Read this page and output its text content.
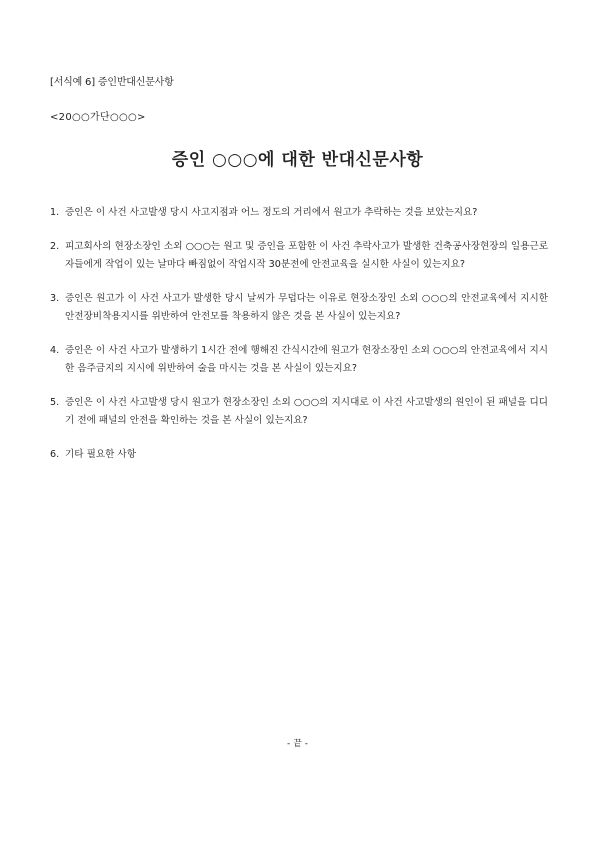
[서식예 6] 증인반대신문사항
<20○○가단○○○>
증인 ○○○에 대한 반대신문사항
1. 증인은 이 사건 사고발생 당시 사고지점과 어느 정도의 거리에서 원고가 추락하는 것을 보았는지요?
2. 피고회사의 현장소장인 소외 ○○○는 원고 및 증인을 포함한 이 사건 추락사고가 발생한 건축공사장현장의 일용근로자들에게 작업이 있는 날마다 빠짐없이 작업시작 30분전에 안전교육을 실시한 사실이 있는지요?
3. 증인은 원고가 이 사건 사고가 발생한 당시 날씨가 무덥다는 이유로 현장소장인 소외 ○○○의 안전교육에서 지시한 안전장비착용지시를 위반하여 안전모를 착용하지 않은 것을 본 사실이 있는지요?
4. 증인은 이 사건 사고가 발생하기 1시간 전에 행해진 간식시간에 원고가 현장소장인 소외 ○○○의 안전교육에서 지시한 음주금지의 지시에 위반하여 술을 마시는 것을 본 사실이 있는지요?
5. 증인은 이 사건 사고발생 당시 원고가 현장소장인 소외 ○○○의 지시대로 이 사건 사고발생의 원인이 된 패널을 디디기 전에 패널의 안전을 확인하는 것을 본 사실이 있는지요?
6. 기타 필요한 사항
- 끝 -
